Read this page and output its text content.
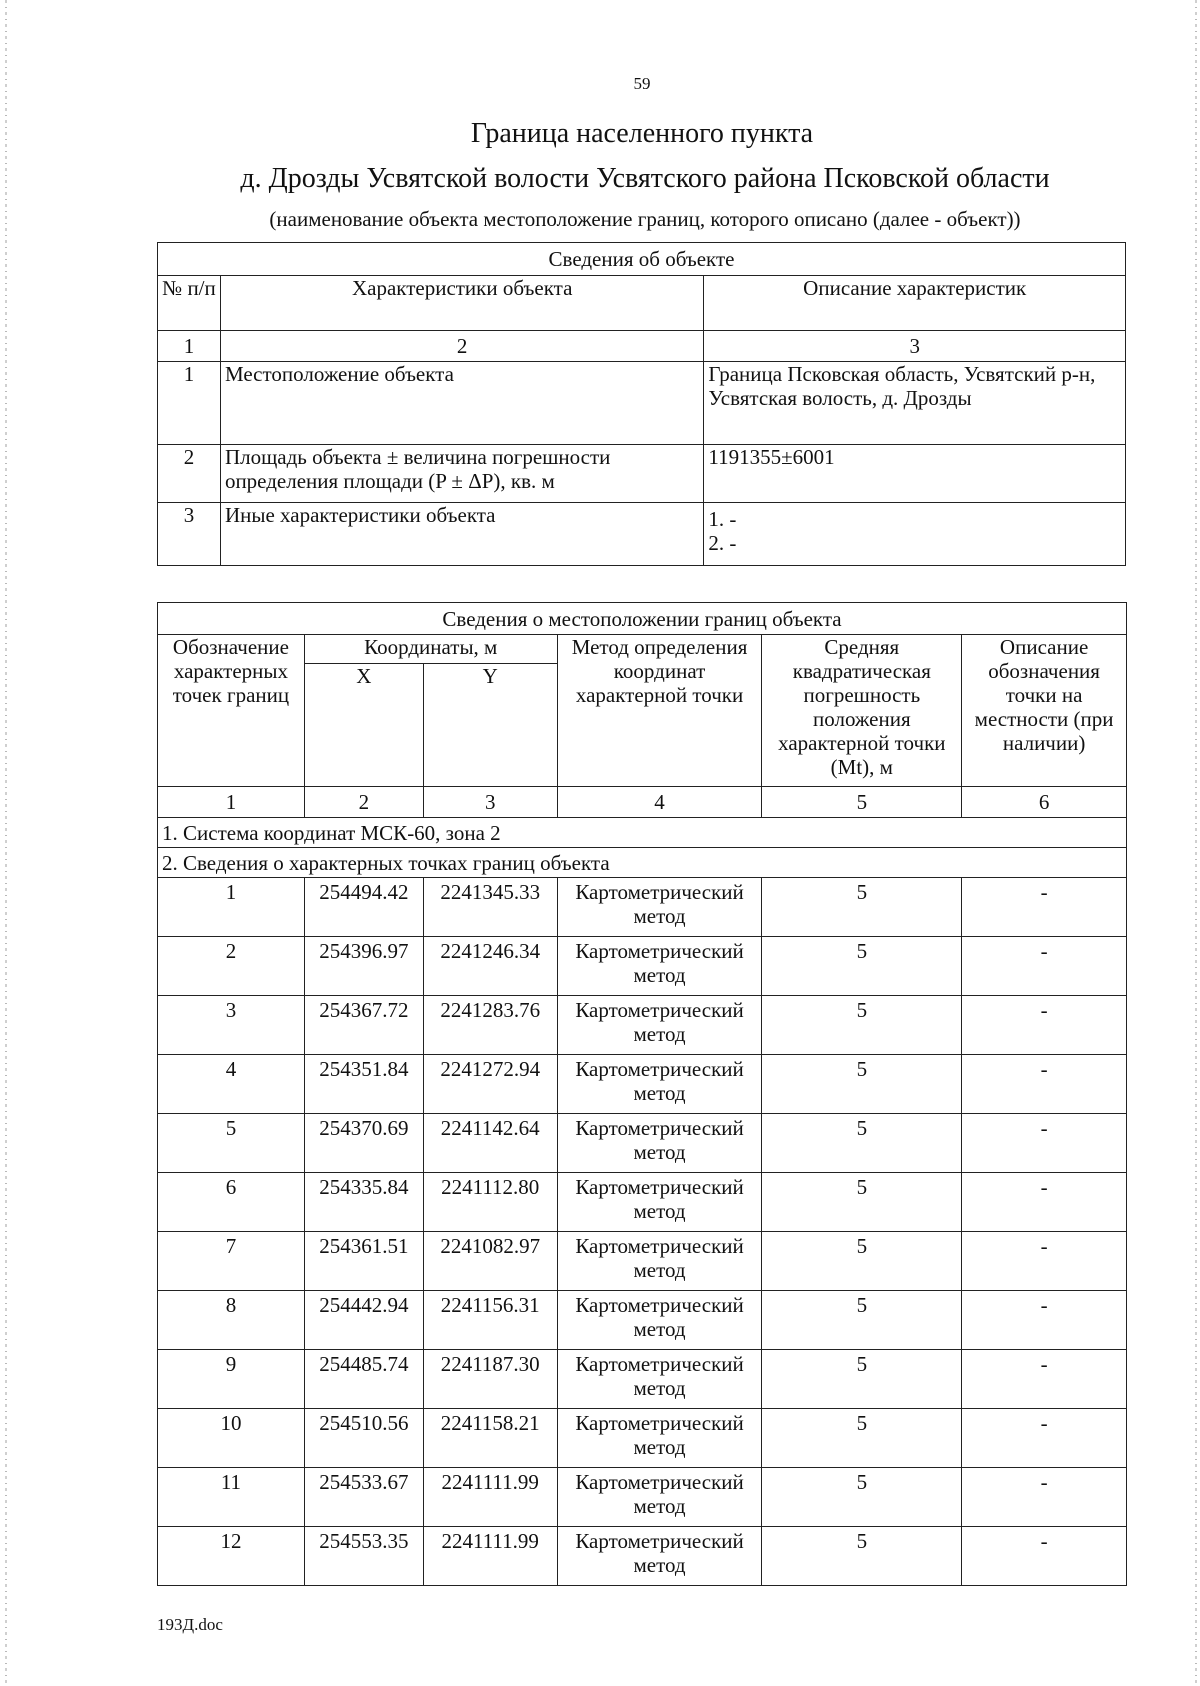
59
Граница населенного пункта
д. Дрозды Усвятской волости Усвятского района Псковской области
(наименование объекта местоположение границ, которого описано (далее - объект))
Сведения об объекте		
№ п/п	Характеристики объекта	Описание характеристик
1	2	3
1	Местоположение объекта	Граница Псковская область, Усвятский р-н, Усвятская волость, д. Дрозды
2	Площадь объекта ± величина погрешности определения площади (P ± ΔP), кв. м	1191355±6001
3	Иные характеристики объекта	1. -
2. -
Сведения о местоположении границ объекта					
Обозначение характерных точек границ	Координаты, м		Метод определения координат характерной точки	Средняя квадратическая погрешность положения характерной точки (Mt), м	Описание обозначения точки на местности (при наличии)
	X	Y			
1	2	3	4	5	6
1. Система координат МСК-60, зона 2					
2. Сведения о характерных точках границ объекта					
1	254494.42	2241345.33	Картометрический метод	5	-
2	254396.97	2241246.34	Картометрический метод	5	-
3	254367.72	2241283.76	Картометрический метод	5	-
4	254351.84	2241272.94	Картометрический метод	5	-
5	254370.69	2241142.64	Картометрический метод	5	-
6	254335.84	2241112.80	Картометрический метод	5	-
7	254361.51	2241082.97	Картометрический метод	5	-
8	254442.94	2241156.31	Картометрический метод	5	-
9	254485.74	2241187.30	Картометрический метод	5	-
10	254510.56	2241158.21	Картометрический метод	5	-
11	254533.67	2241111.99	Картометрический метод	5	-
12	254553.35	2241111.99	Картометрический метод	5	-
193Д.doc
